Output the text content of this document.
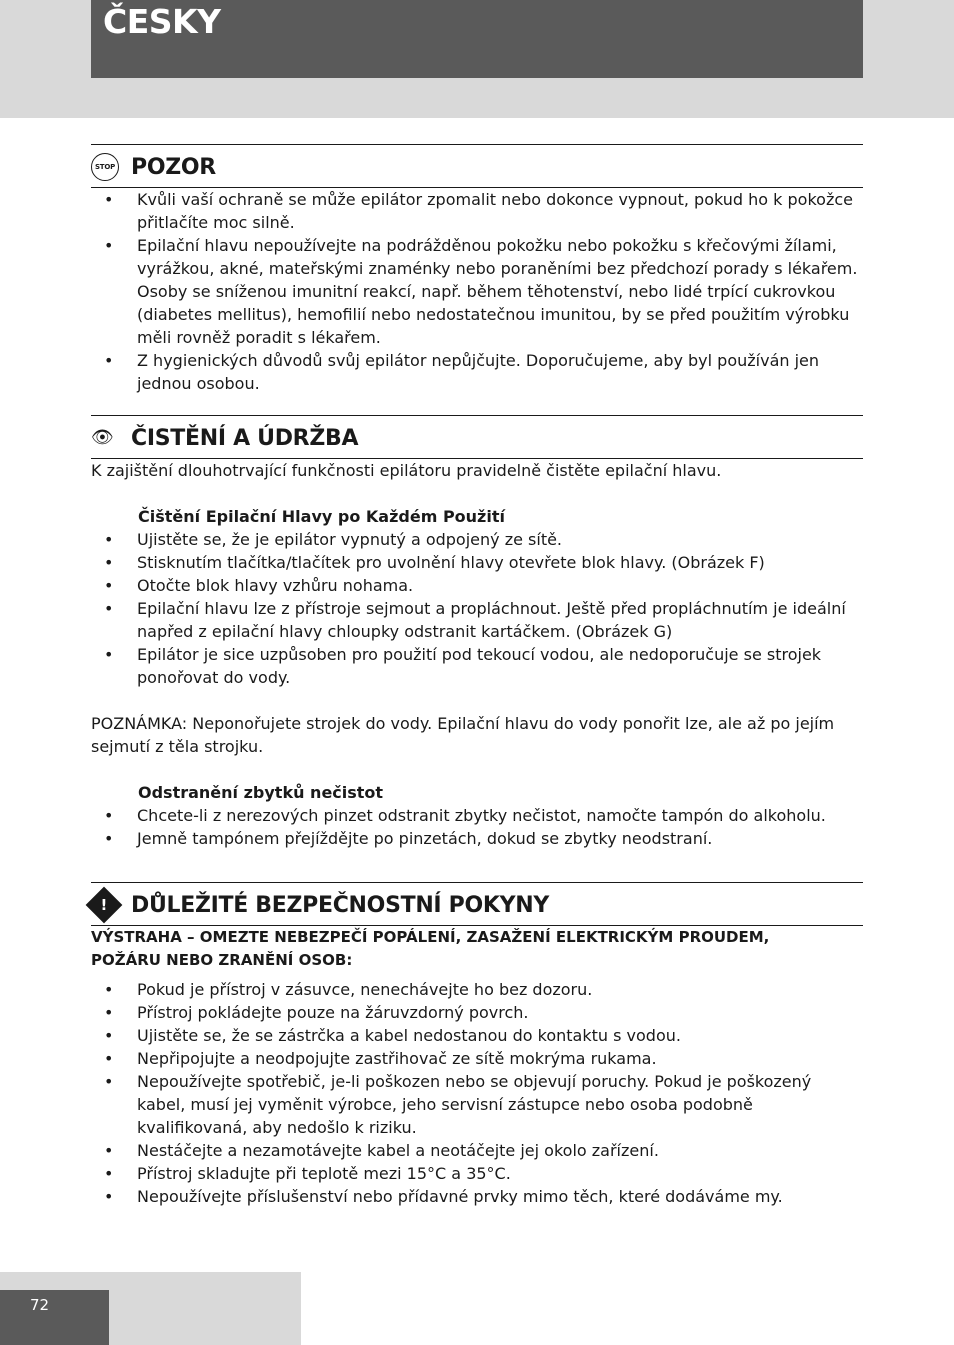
ČESKY
STOP POZOR
• Kvůli vaší ochraně se může epilátor zpomalit nebo dokonce vypnout, pokud ho k pokožce přitlačíte moc silně.
• Epilační hlavu nepoužívejte na podrážděnou pokožku nebo pokožku s křečovými žílami, vyrážkou, akné, mateřskými znaménky nebo poraněními bez předchozí porady s lékařem. Osoby se sníženou imunitní reakcí, např. během těhotenství, nebo lidé trpící cukrovkou (diabetes mellitus), hemofilií nebo nedostatečnou imunitou, by se před použitím výrobku měli rovněž poradit s lékařem.
• Z hygienických důvodů svůj epilátor nepůjčujte. Doporučujeme, aby byl používán jen jednou osobou.
👁 ČISTĚNÍ A ÚDRŽBA

K zajištění dlouhotrvající funkčnosti epilátoru pravidelně čistěte epilační hlavu.

Čištění Epilační Hlavy po Každém Použití

• Ujistěte se, že je epilátor vypnutý a odpojený ze sítě.
• Stisknutím tlačítka/tlačítek pro uvolnění hlavy otevřete blok hlavy. (Obrázek F)
• Otočte blok hlavy vzhůru nohama.
• Epilační hlavu lze z přístroje sejmout a propláchnout. Ještě před propláchnutím je ideální napřed z epilační hlavy chloupky odstranit kartáčkem. (Obrázek G)
• Epilátor je sice uzpůsoben pro použití pod tekoucí vodou, ale nedoporučuje se strojek ponořovat do vody.

POZNÁMKA: Neponořujete strojek do vody. Epilační hlavu do vody ponořit lze, ale až po jejím sejmutí z těla strojku.

Odstranění zbytků nečistot

• Chcete-li z nerezových pinzet odstranit zbytky nečistot, namočte tampón do alkoholu.
• Jemně tampónem přejíždějte po pinzetách, dokud se zbytky neodstraní.
! DŮLEŽITÉ BEZPEČNOSTNÍ POKYNY

VÝSTRAHA – OMEZTE NEBEZPEČÍ POPÁLENÍ, ZASAŽENÍ ELEKTRICKÝM PROUDEM, POŽÁRU NEBO ZRANĚNÍ OSOB:

• Pokud je přístroj v zásuvce, nenechávejte ho bez dozoru.
• Přístroj pokládejte pouze na žáruvzdorný povrch.
• Ujistěte se, že se zástrčka a kabel nedostanou do kontaktu s vodou.
• Nepřipojujte a neodpojujte zastřihovač ze sítě mokrýma rukama.
• Nepoužívejte spotřebič, je-li poškozen nebo se objevují poruchy. Pokud je poškozený kabel, musí jej vyměnit výrobce, jeho servisní zástupce nebo osoba podobně kvalifikovaná, aby nedošlo k riziku.
• Nestáčejte a nezamotávejte kabel a neotáčejte jej okolo zařízení.
• Přístroj skladujte při teplotě mezi 15°C a 35°C.
• Nepoužívejte příslušenství nebo přídavné prvky mimo těch, které dodáváme my.
72
